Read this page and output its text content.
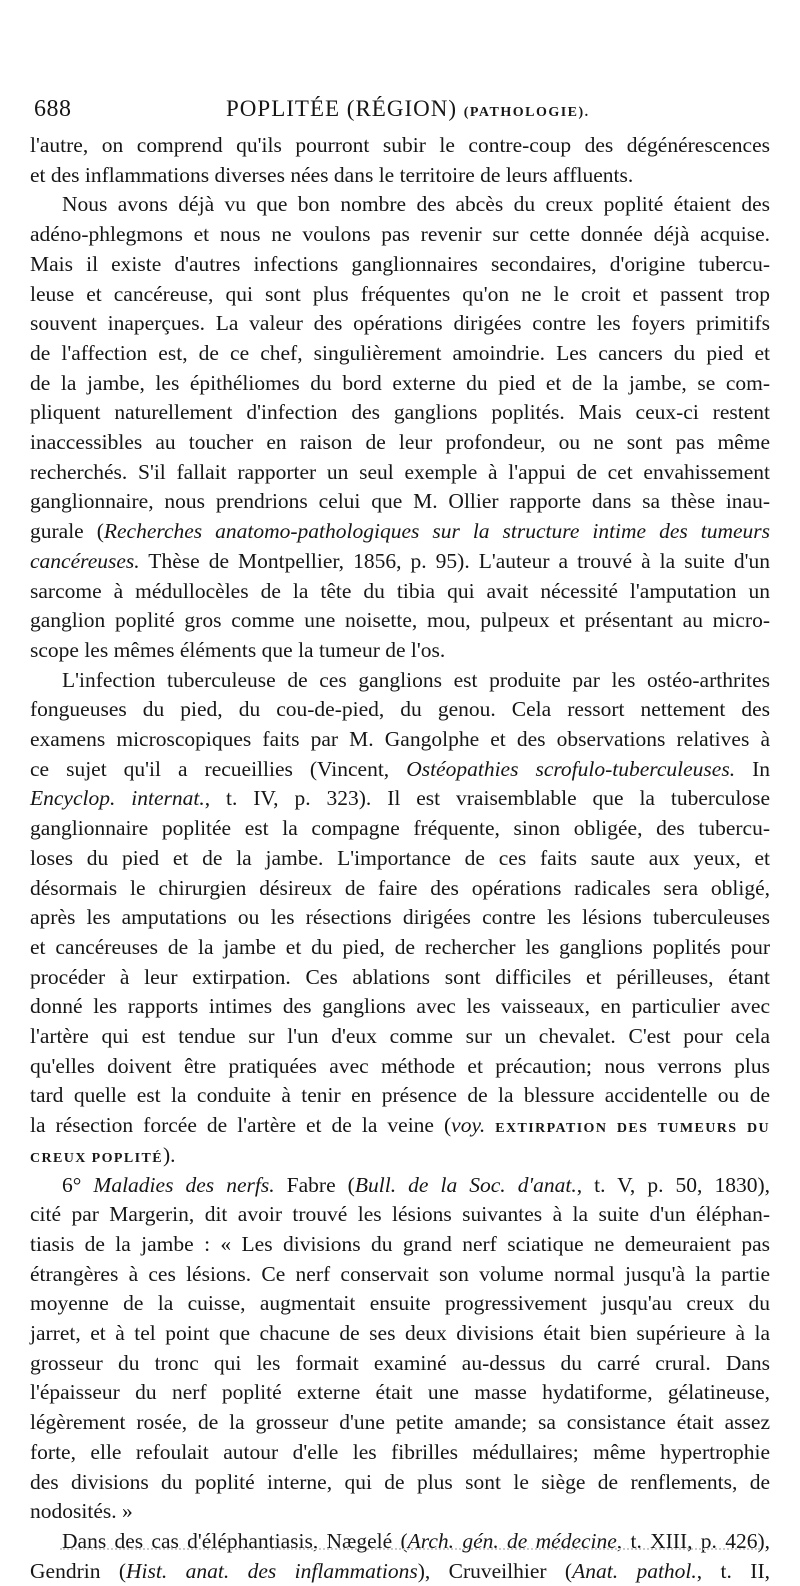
688	POPLITÉE (RÉGION) (PATHOLOGIE).
l'autre, on comprend qu'ils pourront subir le contre-coup des dégénérescences
et des inflammations diverses nées dans le territoire de leurs affluents.
Nous avons déjà vu que bon nombre des abcès du creux poplité étaient des
adéno-phlegmons et nous ne voulons pas revenir sur cette donnée déjà acquise.
Mais il existe d'autres infections ganglionnaires secondaires, d'origine tubercu-
leuse et cancéreuse, qui sont plus fréquentes qu'on ne le croit et passent trop
souvent inaperçues. La valeur des opérations dirigées contre les foyers primitifs
de l'affection est, de ce chef, singulièrement amoindrie. Les cancers du pied et
de la jambe, les épithéliomes du bord externe du pied et de la jambe, se com-
pliquent naturellement d'infection des ganglions poplités. Mais ceux-ci restent
inaccessibles au toucher en raison de leur profondeur, ou ne sont pas même
recherchés. S'il fallait rapporter un seul exemple à l'appui de cet envahissement
ganglionnaire, nous prendrions celui que M. Ollier rapporte dans sa thèse inau-
gurale (Recherches anatomo-pathologiques sur la structure intime des tumeurs
cancéreuses. Thèse de Montpellier, 1856, p. 95). L'auteur a trouvé à la suite d'un
sarcome à médullocèles de la tête du tibia qui avait nécessité l'amputation un
ganglion poplité gros comme une noisette, mou, pulpeux et présentant au micro-
scope les mêmes éléments que la tumeur de l'os.
L'infection tuberculeuse de ces ganglions est produite par les ostéo-arthrites
fongueuses du pied, du cou-de-pied, du genou. Cela ressort nettement des
examens microscopiques faits par M. Gangolphe et des observations relatives à
ce sujet qu'il a recueillies (Vincent, Ostéopathies scrofulo-tuberculeuses. In
Encyclop. internat., t. IV, p. 323). Il est vraisemblable que la tuberculose
ganglionnaire poplitée est la compagne fréquente, sinon obligée, des tubercu-
loses du pied et de la jambe. L'importance de ces faits saute aux yeux, et
désormais le chirurgien désireux de faire des opérations radicales sera obligé,
après les amputations ou les résections dirigées contre les lésions tuberculeuses
et cancéreuses de la jambe et du pied, de rechercher les ganglions poplités pour
procéder à leur extirpation. Ces ablations sont difficiles et périlleuses, étant
donné les rapports intimes des ganglions avec les vaisseaux, en particulier avec
l'artère qui est tendue sur l'un d'eux comme sur un chevalet. C'est pour cela
qu'elles doivent être pratiquées avec méthode et précaution; nous verrons plus
tard quelle est la conduite à tenir en présence de la blessure accidentelle ou de
la résection forcée de l'artère et de la veine (voy. EXTIRPATION DES TUMEURS DU
CREUX POPLITÉ).
6° Maladies des nerfs. Fabre (Bull. de la Soc. d'anat., t. V, p. 50, 1830),
cité par Margerin, dit avoir trouvé les lésions suivantes à la suite d'un éléphan-
tiasis de la jambe : « Les divisions du grand nerf sciatique ne demeuraient pas
étrangères à ces lésions. Ce nerf conservait son volume normal jusqu'à la partie
moyenne de la cuisse, augmentait ensuite progressivement jusqu'au creux du
jarret, et à tel point que chacune de ses deux divisions était bien supérieure à la
grosseur du tronc qui les formait examiné au-dessus du carré crural. Dans
l'épaisseur du nerf poplité externe était une masse hydatiforme, gélatineuse,
légèrement rosée, de la grosseur d'une petite amande; sa consistance était assez
forte, elle refoulait autour d'elle les fibrilles médullaires; même hypertrophie
des divisions du poplité interne, qui de plus sont le siège de renflements, de
nodosités. »
Dans des cas d'éléphantiasis, Nægelé (Arch. gén. de médecine, t. XIII, p. 426),
Gendrin (Hist. anat. des inflammations), Cruveilhier (Anat. pathol., t. II,
